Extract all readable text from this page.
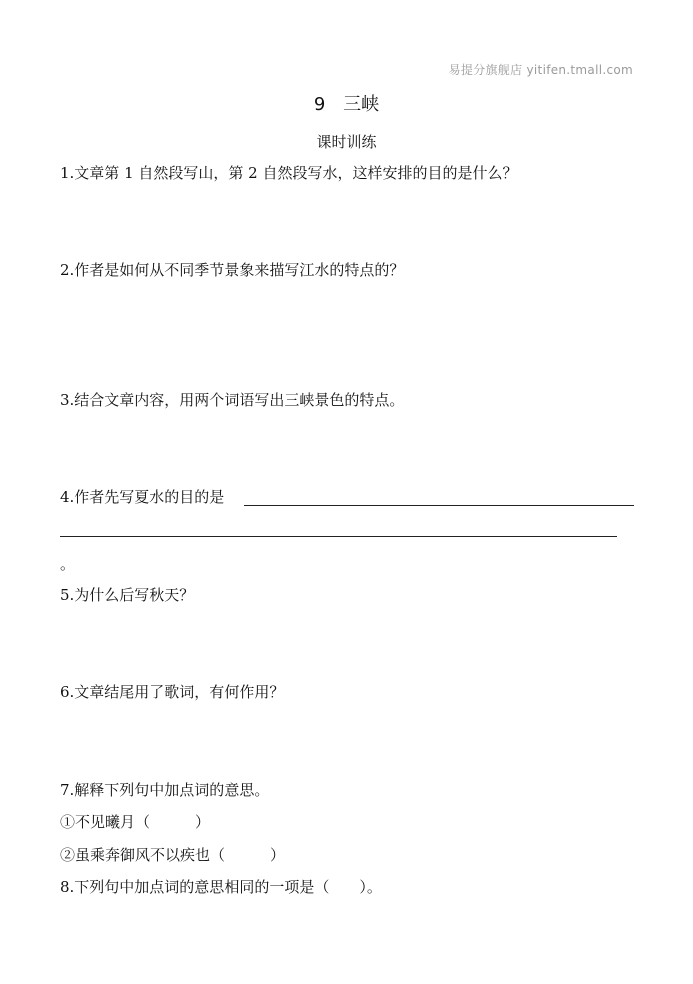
易提分旗舰店 yitifen.tmall.com
9 三峡
课时训练
1.文章第 1 自然段写山，第 2 自然段写水，这样安排的目的是什么？
2.作者是如何从不同季节景象来描写江水的特点的？
3.结合文章内容，用两个词语写出三峡景色的特点。
4.作者先写夏水的目的是
。
5.为什么后写秋天？
6.文章结尾用了歌词，有何作用？
7.解释下列句中加点词的意思。
①不见曦月（　　　）
②虽乘奔御风不以疾也（　　　）
8.下列句中加点词的意思相同的一项是（　　）。
